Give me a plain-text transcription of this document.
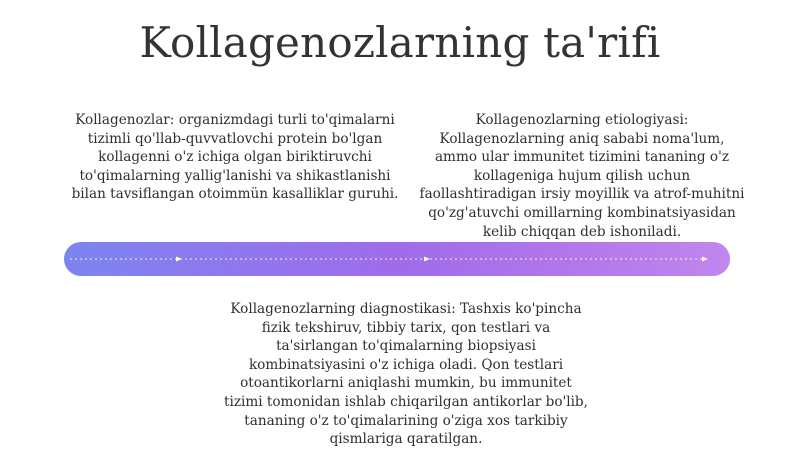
Kollagenozlarning ta'rifi
Kollagenozlar: organizmdagi turli to'qimalarni tizimli qo'llab-quvvatlovchi protein bo'lgan kollagenni o'z ichiga olgan biriktiruvchi to'qimalarning yallig'lanishi va shikastlanishi bilan tavsiflangan otoimmün kasalliklar guruhi.
Kollagenozlarning etiologiyasi: Kollagenozlarning aniq sababi noma'lum, ammo ular immunitet tizimini tananing o'z kollageniga hujum qilish uchun faollashtiradigan irsiy moyillik va atrof-muhitni qo'zg'atuvchi omillarning kombinatsiyasidan kelib chiqqan deb ishoniladi.
Kollagenozlarning diagnostikasi: Tashxis ko'pincha fizik tekshiruv, tibbiy tarix, qon testlari va ta'sirlangan to'qimalarning biopsiyasi kombinatsiyasini o'z ichiga oladi. Qon testlari otoantikorlarni aniqlashi mumkin, bu immunitet tizimi tomonidan ishlab chiqarilgan antikorlar bo'lib, tananing o'z to'qimalarining o'ziga xos tarkibiy qismlariga qaratilgan.
